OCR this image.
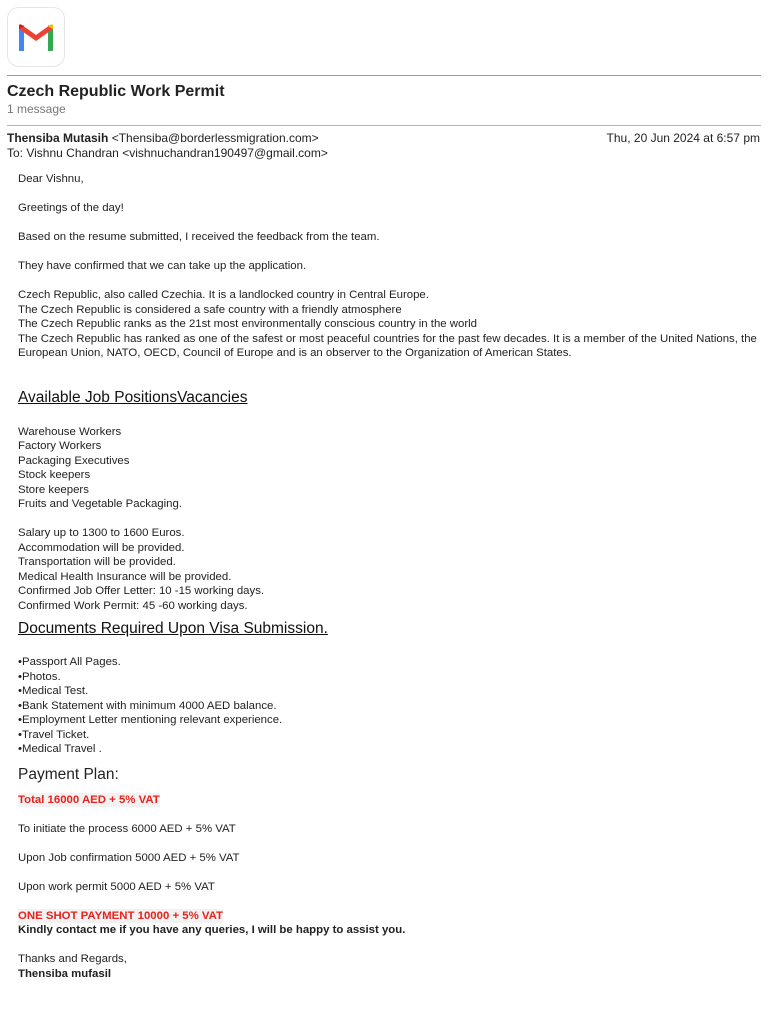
Czech Republic Work Permit
1 message
Thensiba Mutasih <Thensiba@borderlessmigration.com>	Thu, 20 Jun 2024 at 6:57 pm
To: Vishnu Chandran <vishnuchandran190497@gmail.com>

Dear Vishnu,

Greetings of the day!

Based on the resume submitted, I received the feedback from the team.

They have confirmed that we can take up the application.

Czech Republic, also called Czechia. It is a landlocked country in Central Europe.

The Czech Republic is considered a safe country with a friendly atmosphere

The Czech Republic ranks as the 21st most environmentally conscious country in the world

The Czech Republic has ranked as one of the safest or most peaceful countries for the past few decades. It is a member of the United Nations, the European Union, NATO, OECD, Council of Europe and is an observer to the Organization of American States.

Available Job PositionsVacancies

Warehouse Workers

Factory Workers

Packaging Executives

Stock keepers

Store keepers

Fruits and Vegetable Packaging.

Salary up to 1300 to 1600 Euros.

Accommodation will be provided.

Transportation will be provided.

Medical Health Insurance will be provided.

Confirmed Job Offer Letter: 10 -15 working days.

Confirmed Work Permit: 45 -60 working days.

Documents Required Upon Visa Submission.

•Passport All Pages.

•Photos.

•Medical Test.

•Bank Statement with minimum 4000 AED balance.

•Employment Letter mentioning relevant experience.

•Travel Ticket.

•Medical Travel .

Payment Plan:

Total 16000 AED + 5% VAT

To initiate the process 6000 AED + 5% VAT

Upon Job confirmation 5000 AED + 5% VAT

Upon work permit 5000 AED + 5% VAT

ONE SHOT PAYMENT 10000 + 5% VAT

Kindly contact me if you have any queries, I will be happy to assist you.

Thanks and Regards,

Thensiba mufasil
